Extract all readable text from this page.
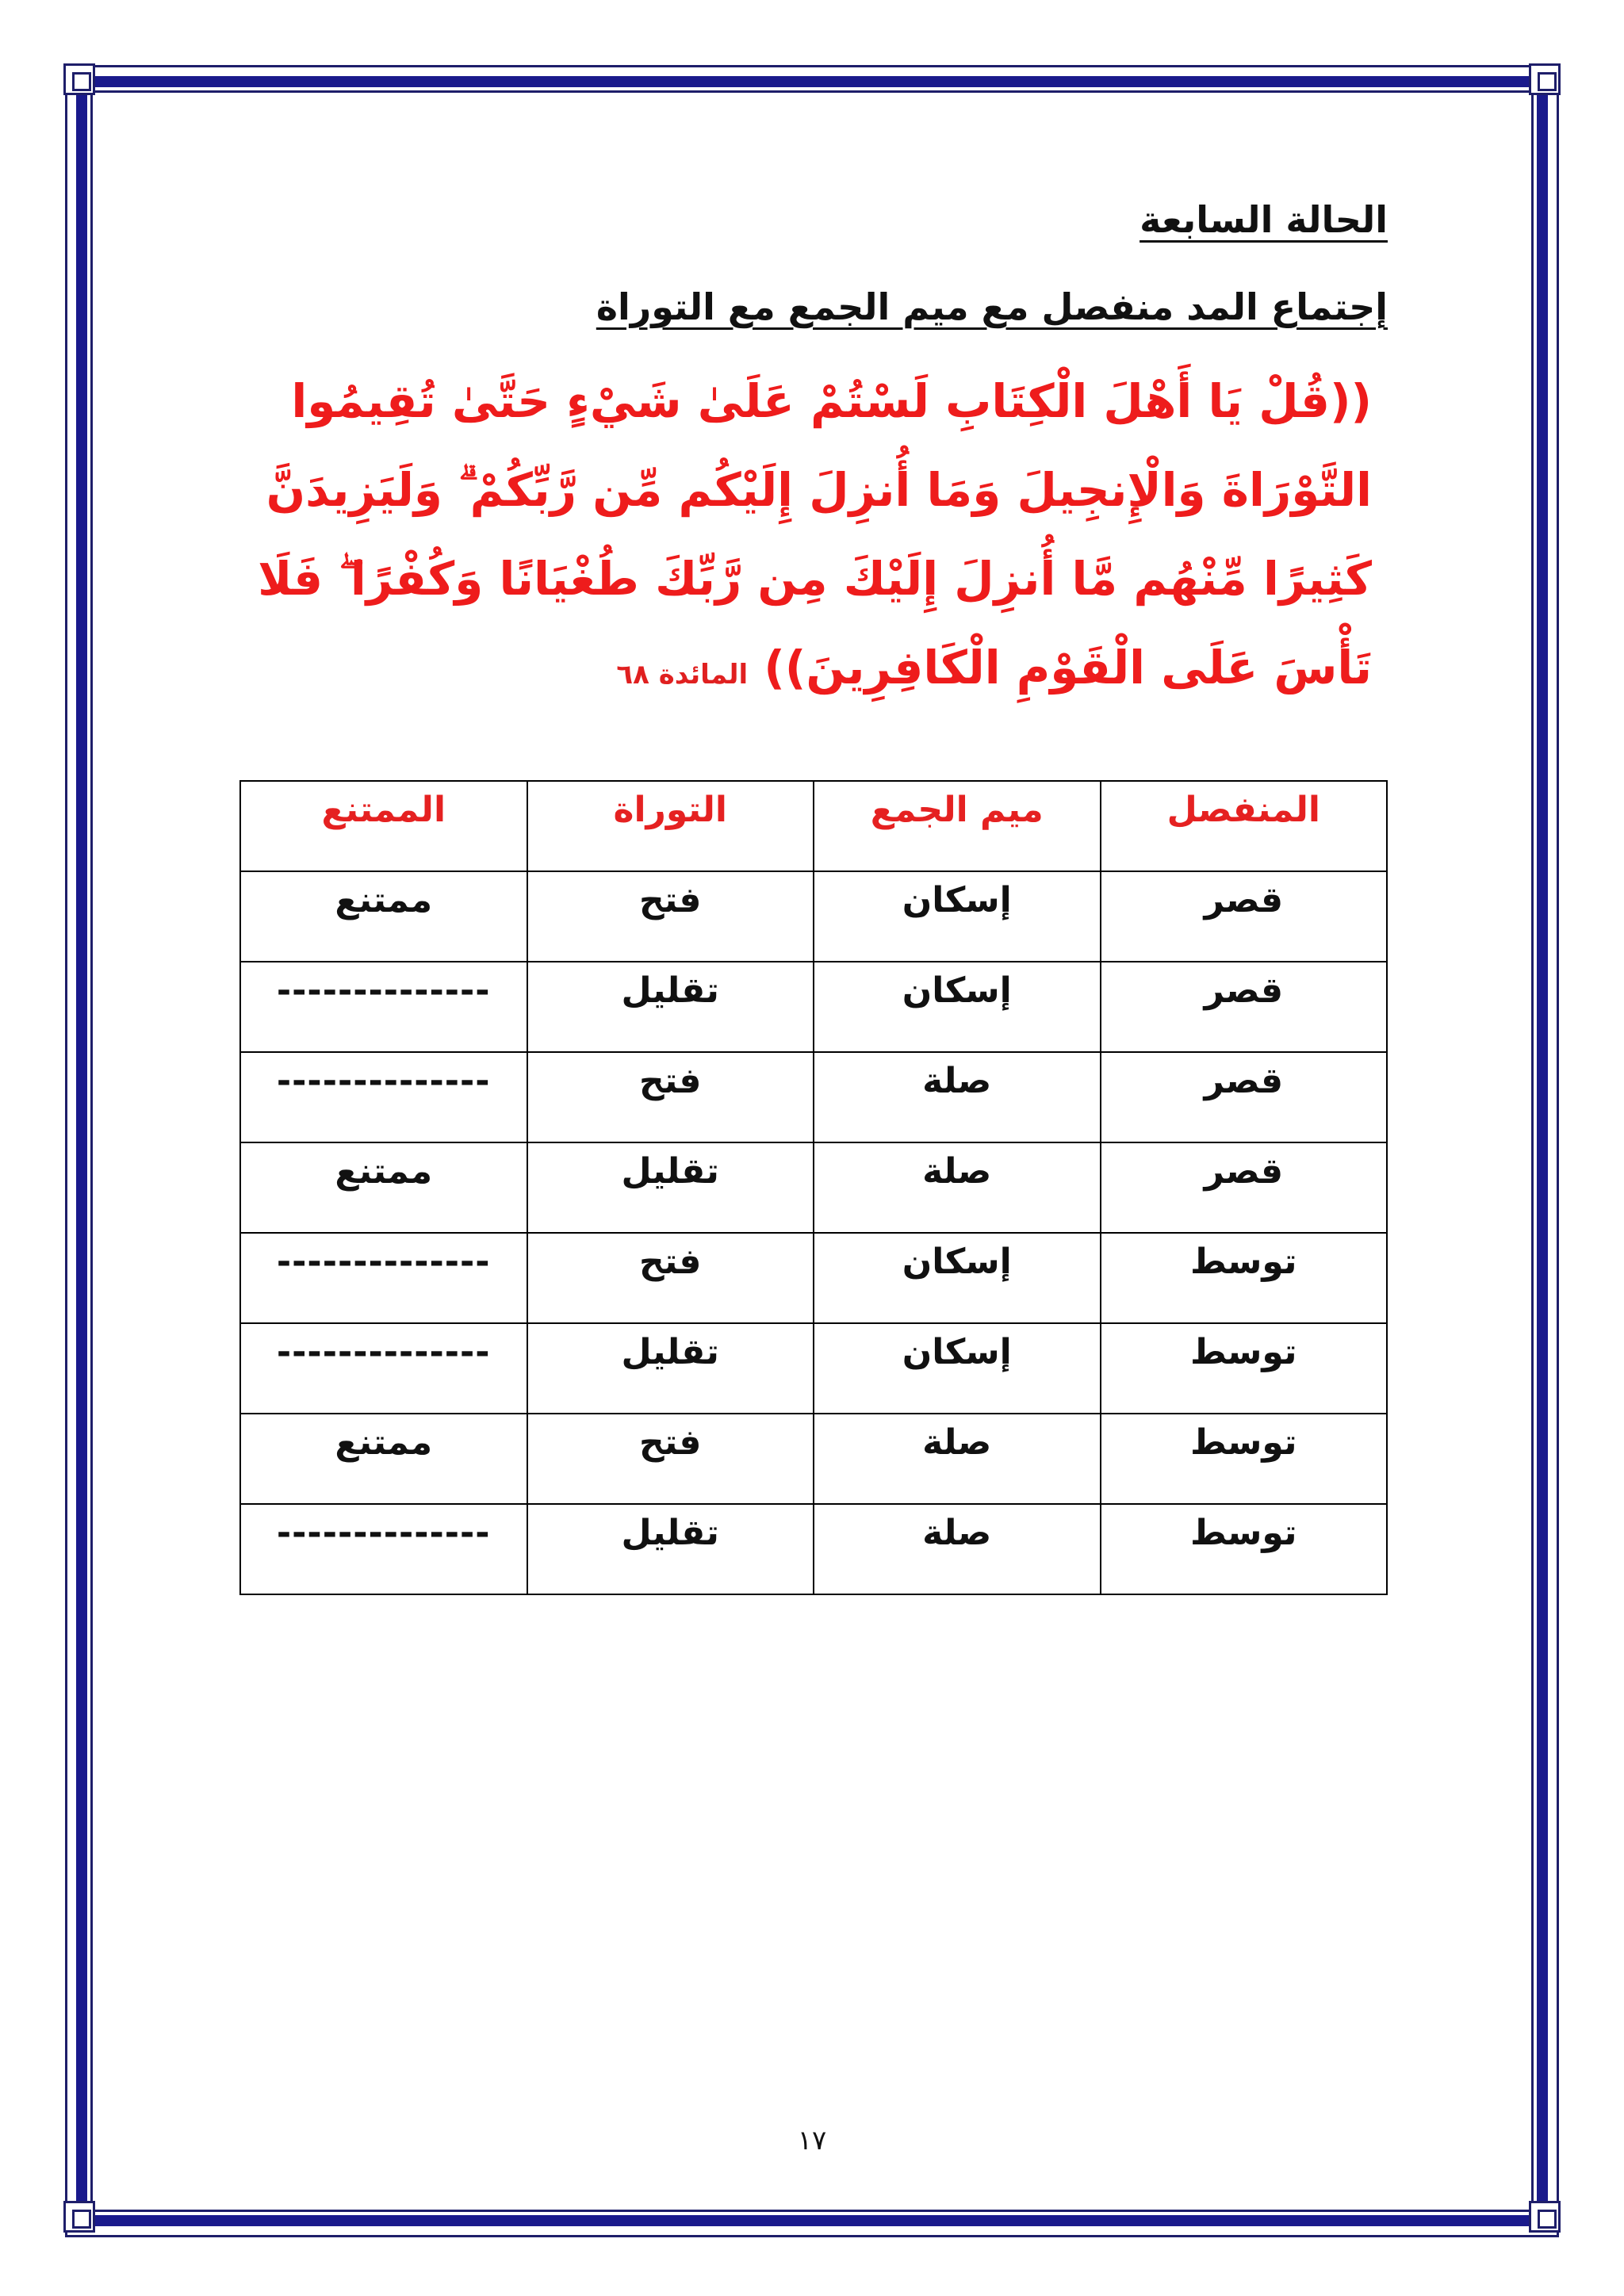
الحالة السابعة
إجتماع المد منفصل مع ميم الجمع مع التوراة
((قُلْ يَا أَهْلَ الْكِتَابِ لَسْتُمْ عَلَىٰ شَيْءٍ حَتَّىٰ تُقِيمُوا التَّوْرَاةَ وَالْإِنجِيلَ وَمَا أُنزِلَ إِلَيْكُم مِّن رَّبِّكُمْ ۗ وَلَيَزِيدَنَّ كَثِيرًا مِّنْهُم مَّا أُنزِلَ إِلَيْكَ مِن رَّبِّكَ طُغْيَانًا وَكُفْرًا ۖ فَلَا تَأْسَ عَلَى الْقَوْمِ الْكَافِرِينَ)) المائدة ٦٨
المنفصل	ميم الجمع	التوراة	الممتنع
قصر	إسكان	فتح	ممتنع
قصر	إسكان	تقليل	--------------
قصر	صلة	فتح	--------------
قصر	صلة	تقليل	ممتنع
توسط	إسكان	فتح	--------------
توسط	إسكان	تقليل	--------------
توسط	صلة	فتح	ممتنع
توسط	صلة	تقليل	--------------
١٧
